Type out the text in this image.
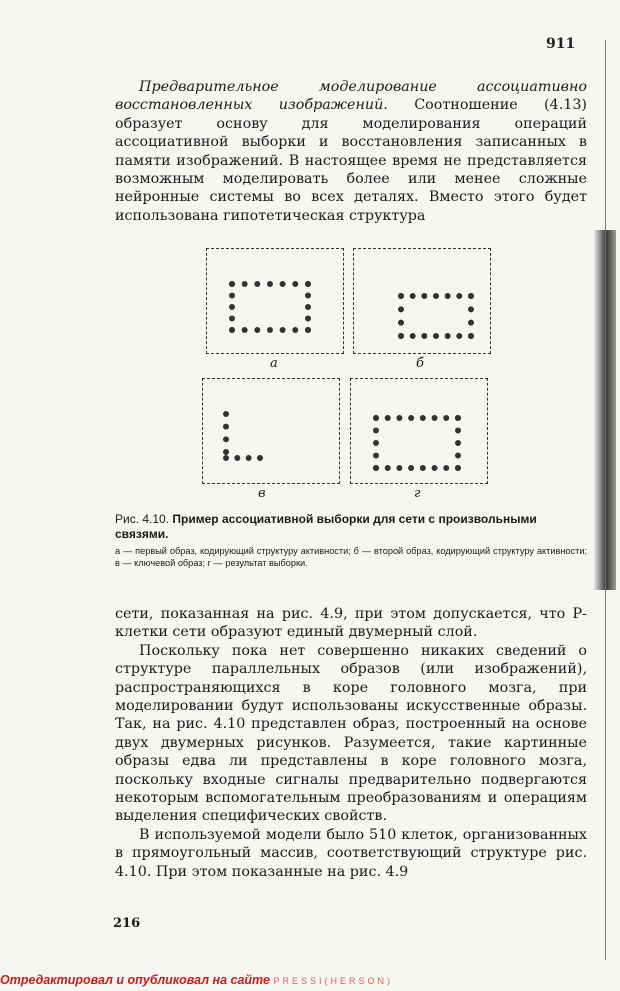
911

Предварительное моделирование ассоциативно восстановленных изображений. Соотношение (4.13) образует основу для моделирования операций ассоциативной выборки и восстановления записанных в памяти изображений. В настоящее время не представляется возможным моделировать более или менее сложные нейронные системы во всех деталях. Вместо этого будет использована гипотетическая структура

а	б
в	г
Рис. 4.10. Пример ассоциативной выборки для сети с произвольными связями.
а — первый образ, кодирующий структуру активности; б — второй образ, кодирующий структуру активности; в — ключевой образ; г — результат выборки.

сети, показанная на рис. 4.9, при этом допускается, что Р-клетки сети образуют единый двумерный слой.

Поскольку пока нет совершенно никаких сведений о структуре параллельных образов (или изображений), распространяющихся в коре головного мозга, при моделировании будут использованы искусственные образы. Так, на рис. 4.10 представлен образ, построенный на основе двух двумерных рисунков. Разумеется, такие картинные образы едва ли представлены в коре головного мозга, поскольку входные сигналы предварительно подвергаются некоторым вспомогательным преобразованиям и операциям выделения специфических свойств.

В используемой модели было 510 клеток, организованных в прямоугольный массив, соответствующий структуре рис. 4.10. При этом показанные на рис. 4.9

216
Отредактировал и опубликовал на сайте PRESSI(HERSON)
